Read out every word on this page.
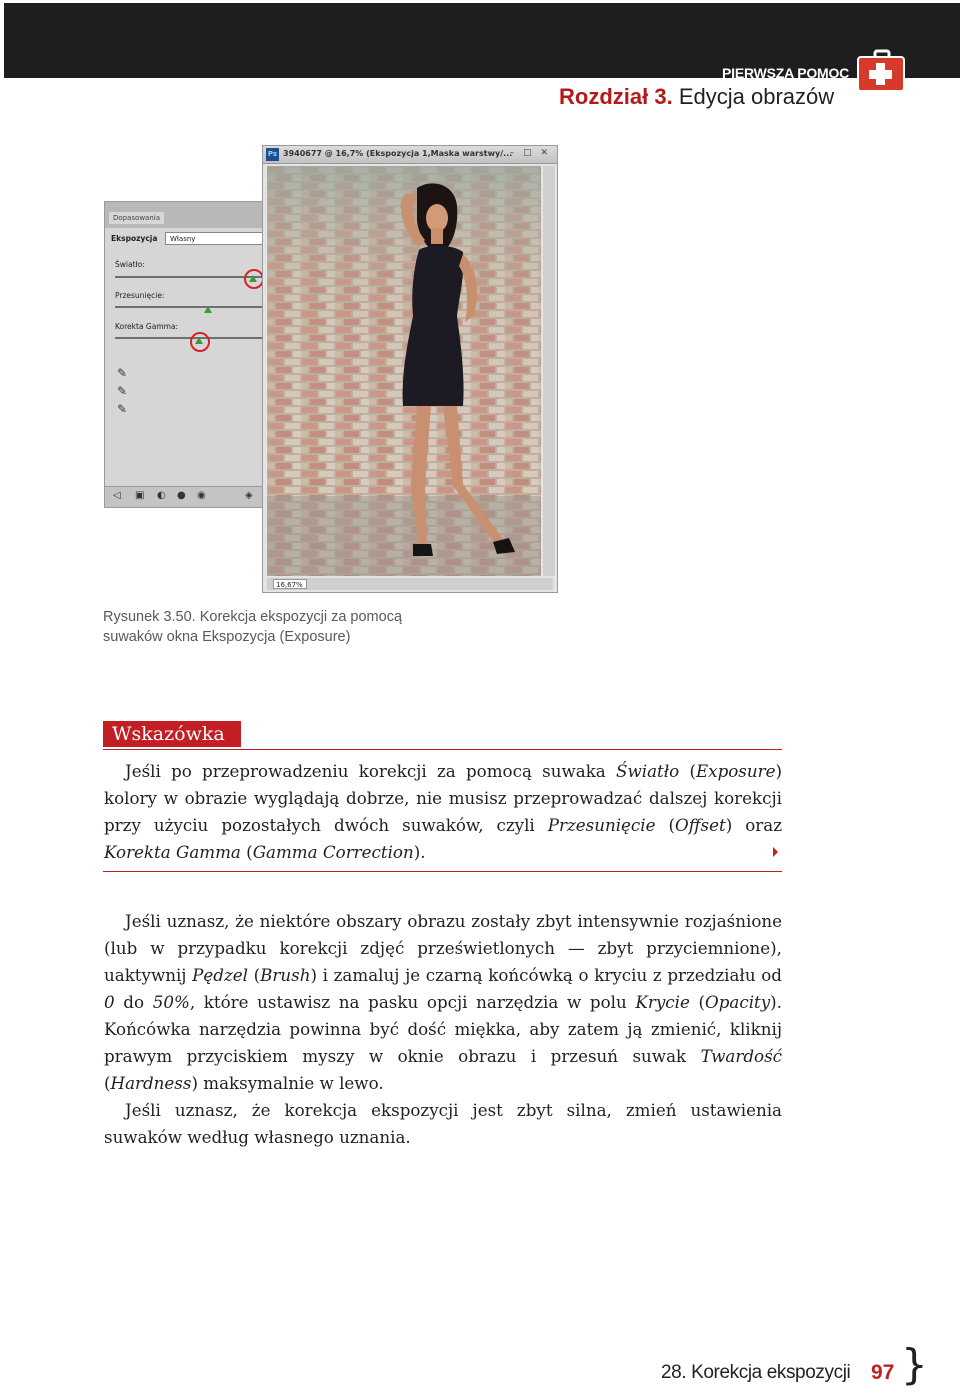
PIERWSZA POMOC
Rozdział 3. Edycja obrazów
Dopasowania
Ekspozycja	Własny
Światło:
Przesunięcie:
Korekta Gamma:
✎
✎
✎
◁ ▣ ◐ ● ◉	◈
Ps 3940677 @ 16,7% (Ekspozycja 1,Maska warstwy/...
– □ ✕
16,67%
Rysunek 3.50. Korekcja ekspozycji za pomocą suwaków okna Ekspozycja (Exposure)
Wskazówka

Jeśli po przeprowadzeniu korekcji za pomocą suwaka Światło (Exposure) kolory w obrazie wyglądają dobrze, nie musisz przeprowadzać dalszej korekcji przy użyciu pozostałych dwóch suwaków, czyli Przesunięcie (Offset) oraz Korekta Gamma (Gamma Correction).

Jeśli uznasz, że niektóre obszary obrazu zostały zbyt intensywnie rozjaśnione (lub w przypadku korekcji zdjęć prześwietlonych — zbyt przyciemnione), uaktywnij Pędzel (Brush) i zamaluj je czarną końcówką o kryciu z przedziału od 0 do 50%, które ustawisz na pasku opcji narzędzia w polu Krycie (Opacity). Końcówka narzędzia powinna być dość miękka, aby zatem ją zmienić, kliknij prawym przyciskiem myszy w oknie obrazu i przesuń suwak Twardość (Hardness) maksymalnie w lewo.

Jeśli uznasz, że korekcja ekspozycji jest zbyt silna, zmień ustawienia suwaków według własnego uznania.

28. Korekcja ekspozycji 97 }
